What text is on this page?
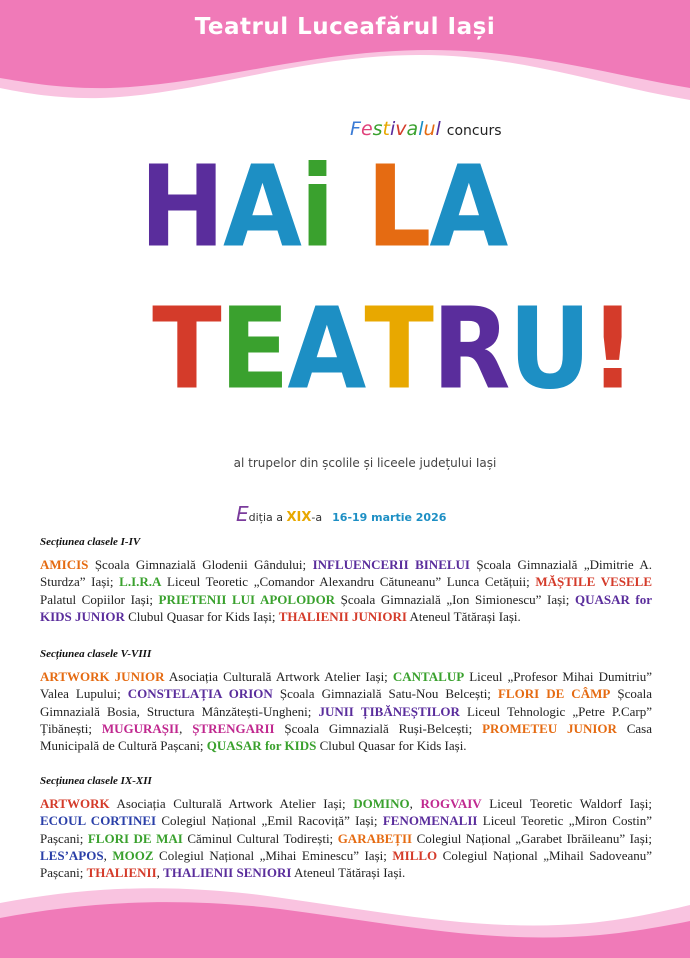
Teatrul Luceafărul Iași
Festivalul concurs
HAi LA
TEATRU!
al trupelor din școlile și liceele județului Iași
Ediția a XIX-a 16-19 martie 2026
Secțiunea clasele I-IV
AMICIS Școala Gimnazială Glodenii Gândului; INFLUENCERII BINELUI Școala Gimnazială „Dimitrie A. Sturdza” Iași; L.I.R.A Liceul Teoretic „Comandor Alexandru Cătuneanu” Lunca Cetățuii; MĂȘTILE VESELE Palatul Copiilor Iași; PRIETENII LUI APOLODOR Școala Gimnazială „Ion Simionescu” Iași; QUASAR for KIDS JUNIOR Clubul Quasar for Kids Iași; THALIENII JUNIORI Ateneul Tătărași Iași.
Secțiunea clasele V-VIII
ARTWORK JUNIOR Asociația Culturală Artwork Atelier Iași; CANTALUP Liceul „Profesor Mihai Dumitriu” Valea Lupului; CONSTELAȚIA ORION Școala Gimnazială Satu-Nou Belcești; FLORI DE CÂMP Școala Gimnazială Bosia, Structura Mânzătești-Ungheni; JUNII ȚIBĂNEȘTILOR Liceul Tehnologic „Petre P.Carp” Țibănești; MUGURAȘII, ȘTRENGARII Școala Gimnazială Ruși-Belcești; PROMETEU JUNIOR Casa Municipală de Cultură Pașcani; QUASAR for KIDS Clubul Quasar for Kids Iași.
Secțiunea clasele IX-XII
ARTWORK Asociația Culturală Artwork Atelier Iași; DOMINO, ROGVAIV Liceul Teoretic Waldorf Iași; ECOUL CORTINEI Colegiul Național „Emil Racoviță” Iași; FENOMENALII Liceul Teoretic „Miron Costin” Pașcani; FLORI DE MAI Căminul Cultural Todirești; GARABEȚII Colegiul Național „Garabet Ibrăileanu” Iași; LES’APOS, MOOZ Colegiul Național „Mihai Eminescu” Iași; MILLO Colegiul Național „Mihail Sadoveanu” Pașcani; THALIENII, THALIENII SENIORI Ateneul Tătărași Iași.
